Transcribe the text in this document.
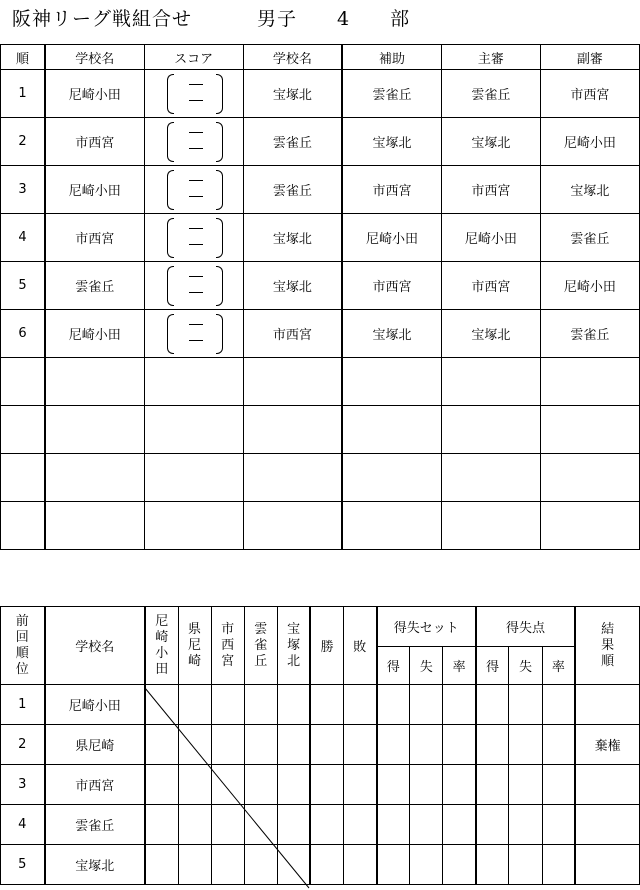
阪神リーグ戦組合せ	男子　　4　　部
順	学校名	スコア	学校名	補助	主審	副審
1	尼崎小田		宝塚北	雲雀丘	雲雀丘	市西宮
2	市西宮		雲雀丘	宝塚北	宝塚北	尼崎小田
3	尼崎小田		雲雀丘	市西宮	市西宮	宝塚北
4	市西宮		宝塚北	尼崎小田	尼崎小田	雲雀丘
5	雲雀丘		宝塚北	市西宮	市西宮	尼崎小田
6	尼崎小田		市西宮	宝塚北	宝塚北	雲雀丘

前回順位	学校名	尼崎小田	県尼崎	市西宮	雲雀丘	宝塚北	勝	敗	得失セット			得失点			結果順

									得	失	率	得	失	率	
1	尼崎小田														
2	県尼崎														棄権
3	市西宮														
4	雲雀丘														
5	宝塚北														
